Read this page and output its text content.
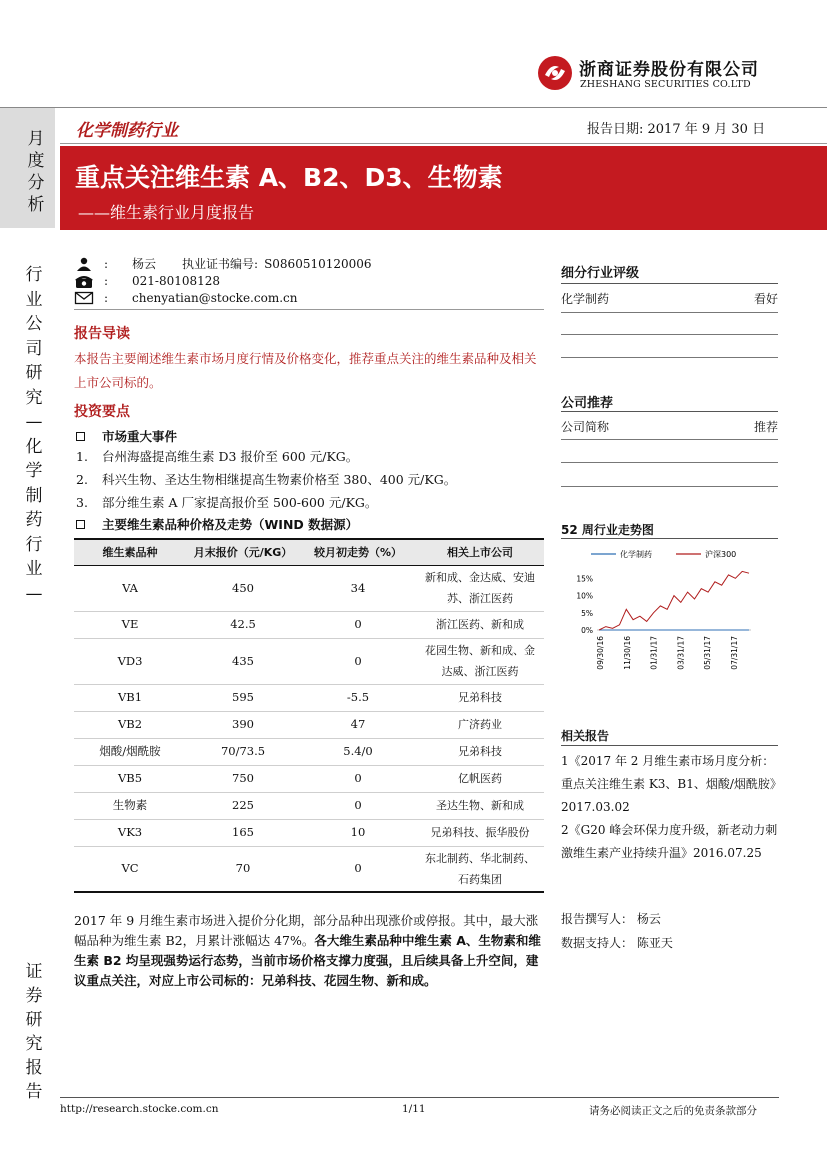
浙商证券股份有限公司
ZHESHANG SECURITIES CO.LTD
月度分析
化学制药行业	报告日期: 2017 年 9 月 30 日
重点关注维生素 A、B2、D3、生物素
——维生素行业月度报告
行业公司研究—化学制药行业—
证券研究报告
:	杨云 执业证书编号: S0860510120006
:	021-80108128
:	chenyatian@stocke.com.cn
报告导读
本报告主要阐述维生素市场月度行情及价格变化，推荐重点关注的维生素品种及相关上市公司标的。
投资要点
市场重大事件
1. 台州海盛提高维生素 D3 报价至 600 元/KG。
2. 科兴生物、圣达生物相继提高生物素价格至 380、400 元/KG。
3. 部分维生素 A 厂家提高报价至 500-600 元/KG。
主要维生素品种价格及走势（WIND 数据源）
维生素品种	月末报价（元/KG）	较月初走势（%）	相关上市公司
VA	450	34	新和成、金达威、安迪苏、浙江医药
VE	42.5	0	浙江医药、新和成
VD3	435	0	花园生物、新和成、金达威、浙江医药
VB1	595	-5.5	兄弟科技
VB2	390	47	广济药业
烟酸/烟酰胺	70/73.5	5.4/0	兄弟科技
VB5	750	0	亿帆医药
生物素	225	0	圣达生物、新和成
VK3	165	10	兄弟科技、振华股份
VC	70	0	东北制药、华北制药、石药集团
2017 年 9 月维生素市场进入提价分化期，部分品种出现涨价或停报。其中，最大涨幅品种为维生素 B2，月累计涨幅达 47%。各大维生素品种中维生素 A、生物素和维生素 B2 均呈现强势运行态势，当前市场价格支撑力度强，且后续具备上升空间，建议重点关注，对应上市公司标的：兄弟科技、花园生物、新和成。
细分行业评级
化学制药	看好
公司推荐
公司简称	推荐
52 周行业走势图
化学制药	沪深300
0%
5%
10%
15%
09/30/16 11/30/16 01/31/17 03/31/17 05/31/17 07/31/17
相关报告
1《2017 年 2 月维生素市场月度分析：重点关注维生素 K3、B1、烟酸/烟酰胺》2017.03.02
2《G20 峰会环保力度升级，新老动力刺激维生素产业持续升温》2016.07.25
报告撰写人： 杨云
数据支持人： 陈亚天
http://research.stocke.com.cn	1/11	请务必阅读正文之后的免责条款部分
